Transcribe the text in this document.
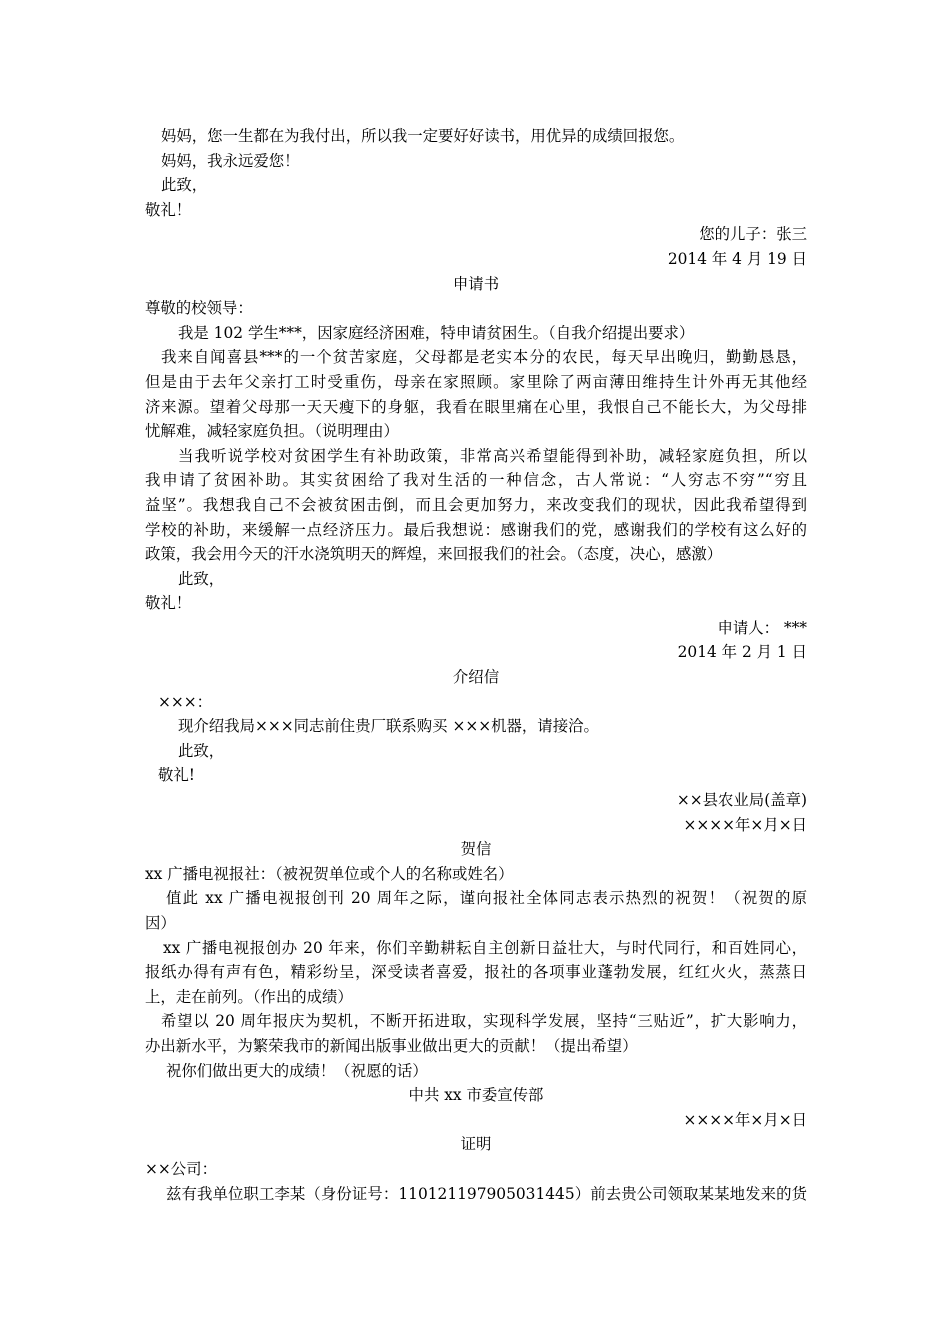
妈妈，您一生都在为我付出，所以我一定要好好读书，用优异的成绩回报您。
妈妈，我永远爱您！
此致，
敬礼！
您的儿子：张三
2014 年 4 月 19 日
申请书
尊敬的校领导：
我是 102 学生***，因家庭经济困难，特申请贫困生。（自我介绍提出要求）
我来自闻喜县***的一个贫苦家庭，父母都是老实本分的农民，每天早出晚归，勤勤恳恳，
但是由于去年父亲打工时受重伤，母亲在家照顾。家里除了两亩薄田维持生计外再无其他经
济来源。望着父母那一天天瘦下的身躯，我看在眼里痛在心里，我恨自己不能长大，为父母排
忧解难，减轻家庭负担。（说明理由）
当我听说学校对贫困学生有补助政策，非常高兴希望能得到补助，减轻家庭负担，所以
我申请了贫困补助。其实贫困给了我对生活的一种信念，古人常说：“人穷志不穷”“穷且
益坚”。我想我自己不会被贫困击倒，而且会更加努力，来改变我们的现状，因此我希望得到
学校的补助，来缓解一点经济压力。最后我想说：感谢我们的党，感谢我们的学校有这么好的
政策，我会用今天的汗水浇筑明天的辉煌，来回报我们的社会。（态度，决心，感激）
此致，
敬礼！
申请人： ***
2014 年 2 月 1 日
介绍信
×××：
现介绍我局×××同志前住贵厂联系购买 ×××机器，请接洽。
此致，
敬礼!
××县农业局(盖章)
××××年×月×日
贺信
xx 广播电视报社：（被祝贺单位或个人的名称或姓名）
值此 xx 广播电视报创刊 20 周年之际，谨向报社全体同志表示热烈的祝贺！（祝贺的原
因）
xx 广播电视报创办 20 年来，你们辛勤耕耘自主创新日益壮大，与时代同行，和百姓同心，
报纸办得有声有色，精彩纷呈，深受读者喜爱，报社的各项事业蓬勃发展，红红火火，蒸蒸日
上，走在前列。（作出的成绩）
希望以 20 周年报庆为契机，不断开拓进取，实现科学发展，坚持“三贴近”，扩大影响力，
办出新水平，为繁荣我市的新闻出版事业做出更大的贡献！（提出希望）
祝你们做出更大的成绩！（祝愿的话）
中共 xx 市委宣传部
××××年×月×日
证明
××公司：
兹有我单位职工李某（身份证号：110121197905031445）前去贵公司领取某某地发来的货
